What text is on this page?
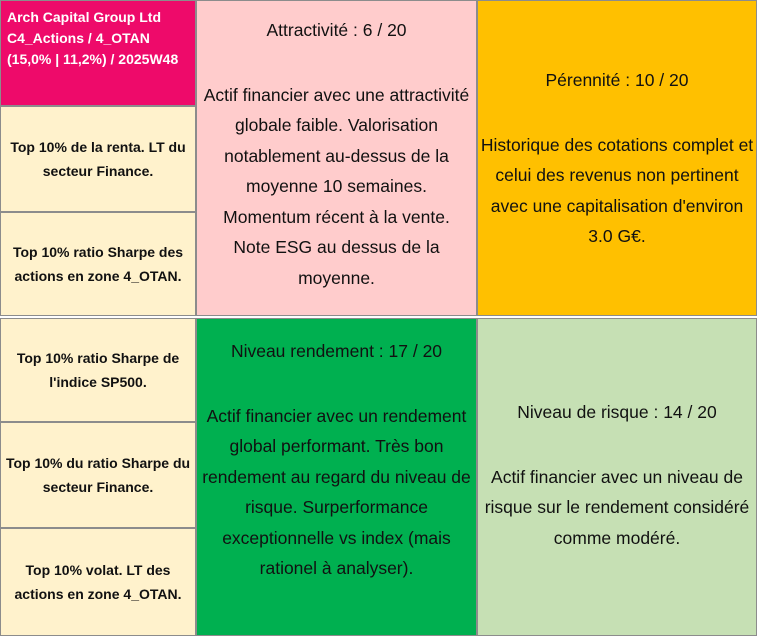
Arch Capital Group Ltd
C4_Actions / 4_OTAN
(15,0% | 11,2%) / 2025W48
Top 10% de la renta. LT du secteur Finance.
Top 10% ratio Sharpe des actions en zone 4_OTAN.
Top 10% ratio Sharpe de l'indice SP500.
Top 10% du ratio Sharpe du secteur Finance.
Top 10% volat. LT des actions en zone 4_OTAN.
Attractivité : 6 / 20
Actif financier avec une attractivité globale faible. Valorisation notablement au-dessus de la moyenne 10 semaines. Momentum récent à la vente. Note ESG au dessus de la moyenne.
Pérennité : 10 / 20
Historique des cotations complet et celui des revenus non pertinent avec une capitalisation d'environ 3.0 G€.
Niveau rendement : 17 / 20
Actif financier avec un rendement global performant. Très bon rendement au regard du niveau de risque. Surperformance exceptionnelle vs index (mais rationel à analyser).
Niveau de risque : 14 / 20
Actif financier avec un niveau de risque sur le rendement considéré comme modéré.
